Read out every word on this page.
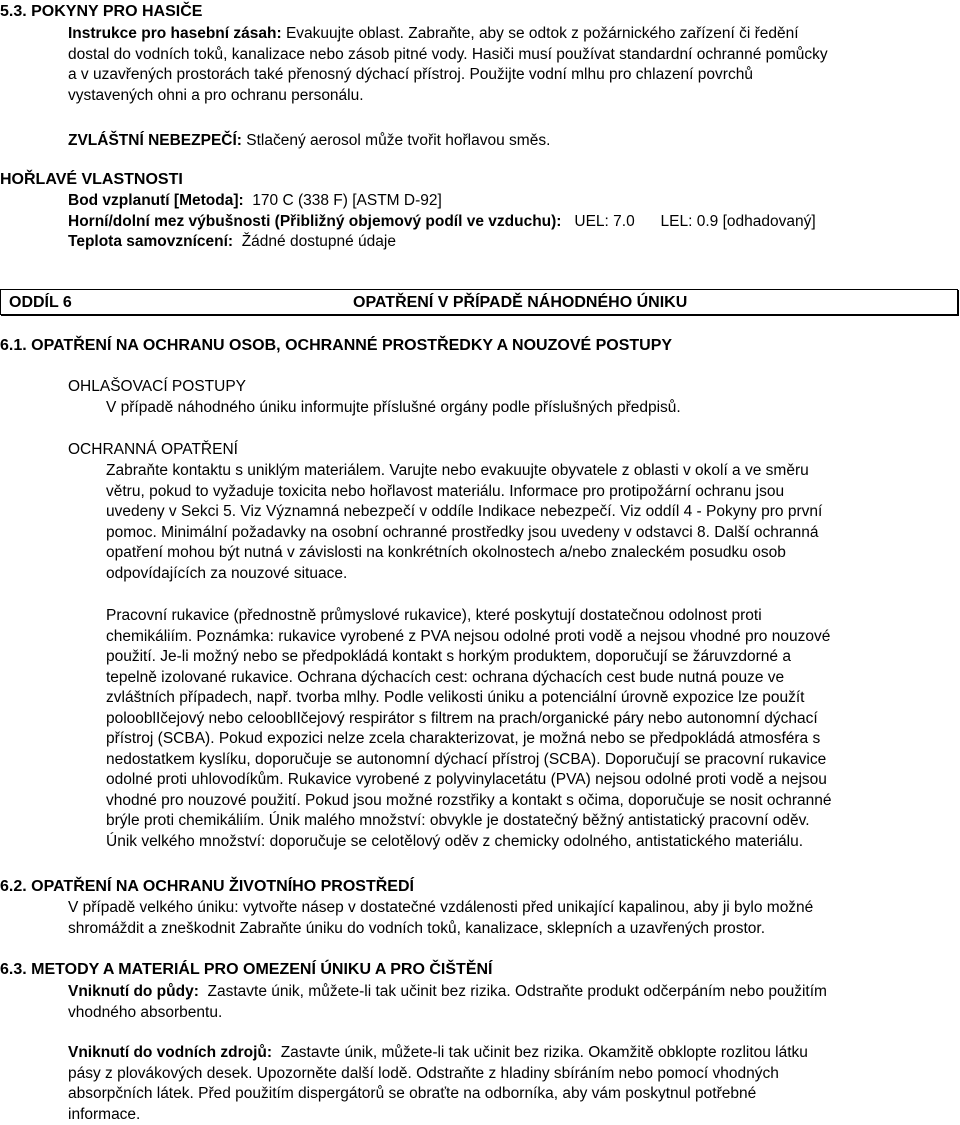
5.3. POKYNY PRO HASIČE
Instrukce pro hasební zásah: Evakuujte oblast. Zabraňte, aby se odtok z požárnického zařízení či ředění
dostal do vodních toků, kanalizace nebo zásob pitné vody. Hasiči musí používat standardní ochranné pomůcky
a v uzavřených prostorách také přenosný dýchací přístroj. Použijte vodní mlhu pro chlazení povrchů
vystavených ohni a pro ochranu personálu.
ZVLÁŠTNÍ NEBEZPEČÍ: Stlačený aerosol může tvořit hořlavou směs.
HOŘLAVÉ VLASTNOSTI
Bod vzplanutí [Metoda]: 170 C (338 F) [ASTM D-92]
Horní/dolní mez výbušnosti (Přibližný objemový podíl ve vzduchu): UEL: 7.0 LEL: 0.9 [odhadovaný]
Teplota samovznícení: Žádné dostupné údaje
ODDÍL 6	OPATŘENÍ V PŘÍPADĚ NÁHODNÉHO ÚNIKU
6.1. OPATŘENÍ NA OCHRANU OSOB, OCHRANNÉ PROSTŘEDKY A NOUZOVÉ POSTUPY
OHLAŠOVACÍ POSTUPY
V případě náhodného úniku informujte příslušné orgány podle příslušných předpisů.
OCHRANNÁ OPATŘENÍ
Zabraňte kontaktu s uniklým materiálem. Varujte nebo evakuujte obyvatele z oblasti v okolí a ve směru
větru, pokud to vyžaduje toxicita nebo hořlavost materiálu. Informace pro protipožární ochranu jsou
uvedeny v Sekci 5. Viz Významná nebezpečí v oddíle Indikace nebezpečí. Viz oddíl 4 - Pokyny pro první
pomoc. Minimální požadavky na osobní ochranné prostředky jsou uvedeny v odstavci 8. Další ochranná
opatření mohou být nutná v závislosti na konkrétních okolnostech a/nebo znaleckém posudku osob
odpovídajících za nouzové situace.
Pracovní rukavice (přednostně průmyslové rukavice), které poskytují dostatečnou odolnost proti
chemikáliím. Poznámka: rukavice vyrobené z PVA nejsou odolné proti vodě a nejsou vhodné pro nouzové
použití. Je-li možný nebo se předpokládá kontakt s horkým produktem, doporučují se žáruvzdorné a
tepelně izolované rukavice. Ochrana dýchacích cest: ochrana dýchacích cest bude nutná pouze ve
zvláštních případech, např. tvorba mlhy. Podle velikosti úniku a potenciální úrovně expozice lze použít
polooblIčejový nebo celooblIčejový respirátor s filtrem na prach/organické páry nebo autonomní dýchací
přístroj (SCBA). Pokud expozici nelze zcela charakterizovat, je možná nebo se předpokládá atmosféra s
nedostatkem kyslíku, doporučuje se autonomní dýchací přístroj (SCBA). Doporučují se pracovní rukavice
odolné proti uhlovodíkům. Rukavice vyrobené z polyvinylacetátu (PVA) nejsou odolné proti vodě a nejsou
vhodné pro nouzové použití. Pokud jsou možné rozstřiky a kontakt s očima, doporučuje se nosit ochranné
brýle proti chemikáliím. Únik malého množství: obvykle je dostatečný běžný antistatický pracovní oděv.
Únik velkého množství: doporučuje se celotělový oděv z chemicky odolného, antistatického materiálu.
6.2. OPATŘENÍ NA OCHRANU ŽIVOTNÍHO PROSTŘEDÍ
V případě velkého úniku: vytvořte násep v dostatečné vzdálenosti před unikající kapalinou, aby ji bylo možné
shromáždit a zneškodnit Zabraňte úniku do vodních toků, kanalizace, sklepních a uzavřených prostor.
6.3. METODY A MATERIÁL PRO OMEZENÍ ÚNIKU A PRO ČIŠTĚNÍ
Vniknutí do půdy: Zastavte únik, můžete-li tak učinit bez rizika. Odstraňte produkt odčerpáním nebo použitím
vhodného absorbentu.
Vniknutí do vodních zdrojů: Zastavte únik, můžete-li tak učinit bez rizika. Okamžitě obklopte rozlitou látku
pásy z plovákových desek. Upozorněte další lodě. Odstraňte z hladiny sbíráním nebo pomocí vhodných
absorpčních látek. Před použitím dispergátorů se obraťte na odborníka, aby vám poskytnul potřebné
informace.
